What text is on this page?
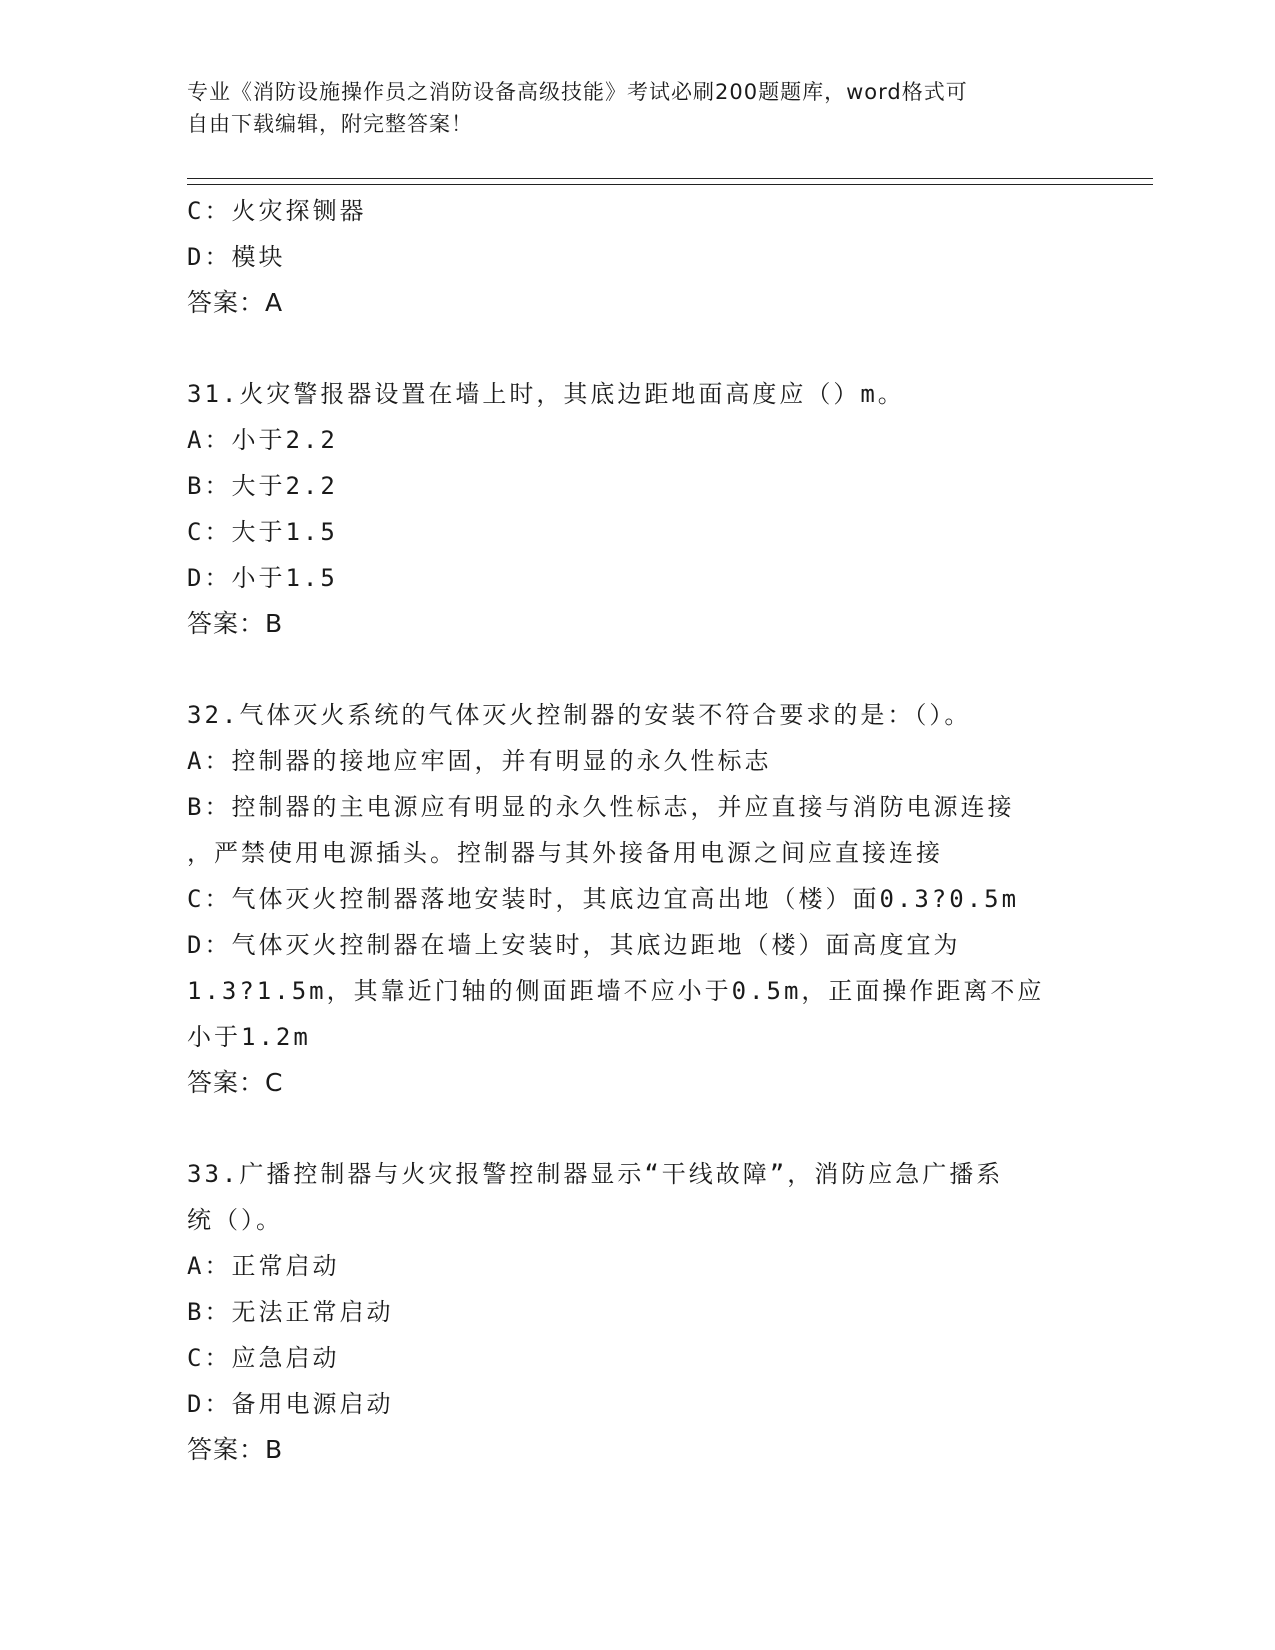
专业《消防设施操作员之消防设备高级技能》考试必刷200题题库，word格式可
自由下载编辑，附完整答案！

C：火灾探铡器

D：模块

答案：A

31.火灾警报器设置在墙上时，其底边距地面高度应（）m。

A：小于2.2

B：大于2.2

C：大于1.5

D：小于1.5

答案：B

32.气体灭火系统的气体灭火控制器的安装不符合要求的是：（）。

A：控制器的接地应牢固，并有明显的永久性标志

B：控制器的主电源应有明显的永久性标志，并应直接与消防电源连接

，严禁使用电源插头。控制器与其外接备用电源之间应直接连接

C：气体灭火控制器落地安装时，其底边宜高出地（楼）面0.3?0.5m

D：气体灭火控制器在墙上安装时，其底边距地（楼）面高度宜为

1.3?1.5m，其靠近门轴的侧面距墙不应小于0.5m，正面操作距离不应

小于1.2m

答案：C

33.广播控制器与火灾报警控制器显示“干线故障”，消防应急广播系

统（）。

A：正常启动

B：无法正常启动

C：应急启动

D：备用电源启动

答案：B
